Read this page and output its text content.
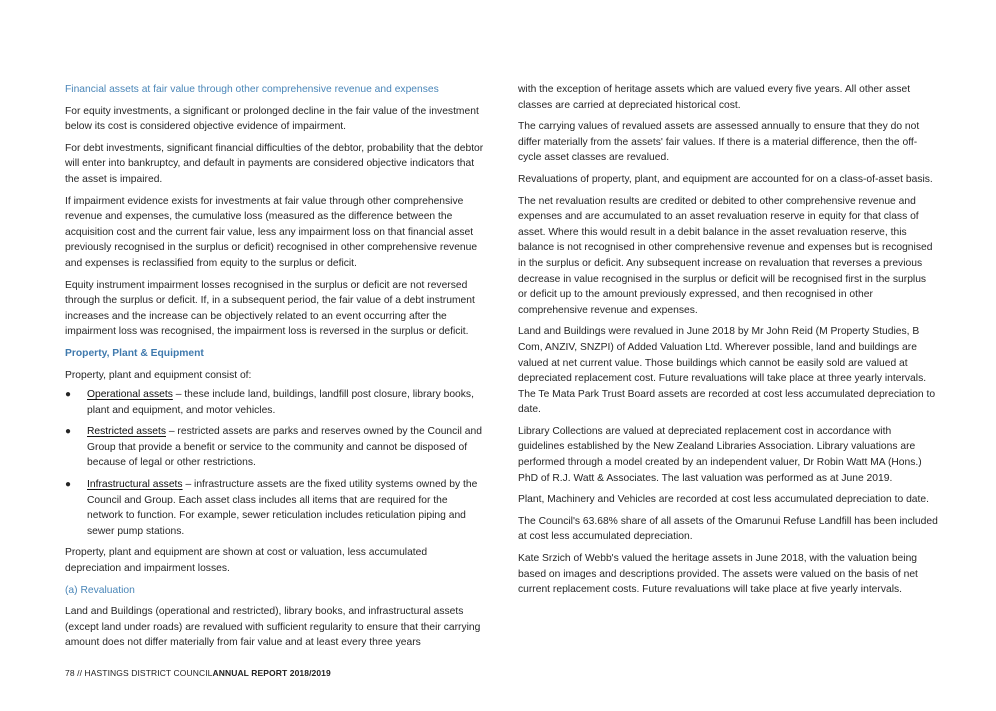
Financial assets at fair value through other comprehensive revenue and expenses

For equity investments, a significant or prolonged decline in the fair value of the investment below its cost is considered objective evidence of impairment.

For debt investments, significant financial difficulties of the debtor, probability that the debtor will enter into bankruptcy, and default in payments are considered objective indicators that the asset is impaired.

If impairment evidence exists for investments at fair value through other comprehensive revenue and expenses, the cumulative loss (measured as the difference between the acquisition cost and the current fair value, less any impairment loss on that financial asset previously recognised in the surplus or deficit) recognised in other comprehensive revenue and expenses is reclassified from equity to the surplus or deficit.

Equity instrument impairment losses recognised in the surplus or deficit are not reversed through the surplus or deficit. If, in a subsequent period, the fair value of a debt instrument increases and the increase can be objectively related to an event occurring after the impairment loss was recognised, the impairment loss is reversed in the surplus or deficit.

Property, Plant & Equipment

Property, plant and equipment consist of:

● Operational assets – these include land, buildings, landfill post closure, library books, plant and equipment, and motor vehicles.
● Restricted assets – restricted assets are parks and reserves owned by the Council and Group that provide a benefit or service to the community and cannot be disposed of because of legal or other restrictions.
● Infrastructural assets – infrastructure assets are the fixed utility systems owned by the Council and Group. Each asset class includes all items that are required for the network to function. For example, sewer reticulation includes reticulation piping and sewer pump stations.

Property, plant and equipment are shown at cost or valuation, less accumulated depreciation and impairment losses.

(a) Revaluation

Land and Buildings (operational and restricted), library books, and infrastructural assets (except land under roads) are revalued with sufficient regularity to ensure that their carrying amount does not differ materially from fair value and at least every three years

with the exception of heritage assets which are valued every five years. All other asset classes are carried at depreciated historical cost.

The carrying values of revalued assets are assessed annually to ensure that they do not differ materially from the assets' fair values. If there is a material difference, then the off-cycle asset classes are revalued.

Revaluations of property, plant, and equipment are accounted for on a class-of-asset basis.

The net revaluation results are credited or debited to other comprehensive revenue and expenses and are accumulated to an asset revaluation reserve in equity for that class of asset. Where this would result in a debit balance in the asset revaluation reserve, this balance is not recognised in other comprehensive revenue and expenses but is recognised in the surplus or deficit. Any subsequent increase on revaluation that reverses a previous decrease in value recognised in the surplus or deficit will be recognised first in the surplus or deficit up to the amount previously expressed, and then recognised in other comprehensive revenue and expenses.

Land and Buildings were revalued in June 2018 by Mr John Reid (M Property Studies, B Com, ANZIV, SNZPI) of Added Valuation Ltd. Wherever possible, land and buildings are valued at net current value. Those buildings which cannot be easily sold are valued at depreciated replacement cost. Future revaluations will take place at three yearly intervals. The Te Mata Park Trust Board assets are recorded at cost less accumulated depreciation to date.

Library Collections are valued at depreciated replacement cost in accordance with guidelines established by the New Zealand Libraries Association. Library valuations are performed through a model created by an independent valuer, Dr Robin Watt MA (Hons.) PhD of R.J. Watt & Associates. The last valuation was performed as at June 2019.

Plant, Machinery and Vehicles are recorded at cost less accumulated depreciation to date.

The Council's 63.68% share of all assets of the Omarunui Refuse Landfill has been included at cost less accumulated depreciation.

Kate Srzich of Webb's valued the heritage assets in June 2018, with the valuation being based on images and descriptions provided. The assets were valued on the basis of net current replacement costs. Future revaluations will take place at five yearly intervals.

78 // HASTINGS DISTRICT COUNCILANNUAL REPORT 2018/2019
